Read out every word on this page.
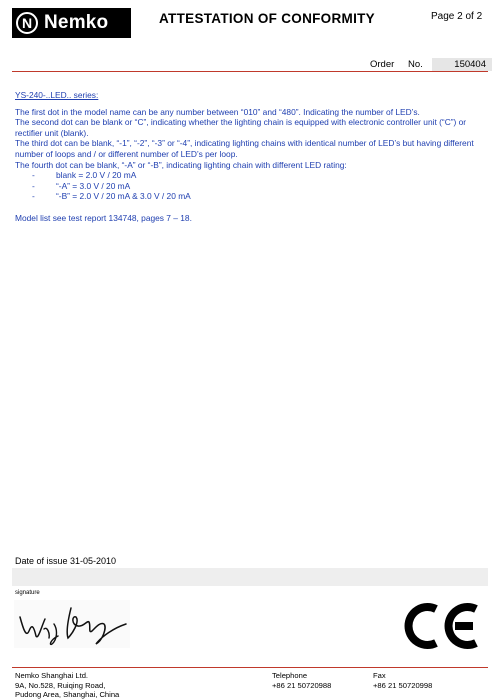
N Nemko	ATTESTATION OF CONFORMITY	Page 2 of 2
Order	No.	150404
YS-240-..LED.. series:

The first dot in the model name can be any number between “010” and “480”. Indicating the number of LED’s.

The second dot can be blank or “C”, indicating whether the lighting chain is equipped with electronic controller unit (“C”) or rectifier unit (blank).

The third dot can be blank, “-1”, “-2”, “-3” or “-4”, indicating lighting chains with identical number of LED’s but having different number of loops and / or different number of LED’s per loop.

The fourth dot can be blank, “-A” or “-B”, indicating lighting chain with different LED rating:

-	blank = 2.0 V / 20 mA
-	“-A” = 3.0 V / 20 mA
-	“-B” = 2.0 V / 20 mA & 3.0 V / 20 mA

Model list see test report 134748, pages 7 – 18.

Date of issue 31-05-2010
signature
Nemko Shanghai Ltd.
9A, No.528, Ruiqing Road,
Pudong Area, Shanghai, China
Telephone
+86 21 50720988
Fax
+86 21 50720998
